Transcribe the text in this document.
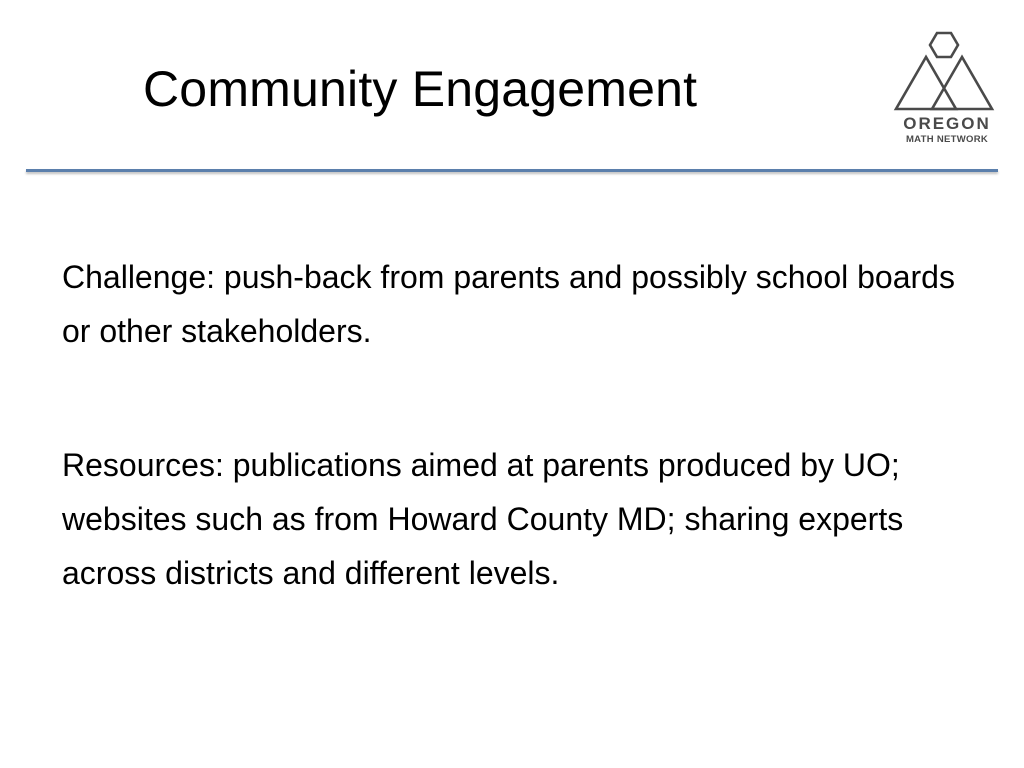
Community Engagement
OREGON
MATH NETWORK

Challenge: push-back from parents and possibly school boards or other stakeholders.

Resources: publications aimed at parents produced by UO; websites such as from Howard County MD; sharing experts across districts and different levels.
